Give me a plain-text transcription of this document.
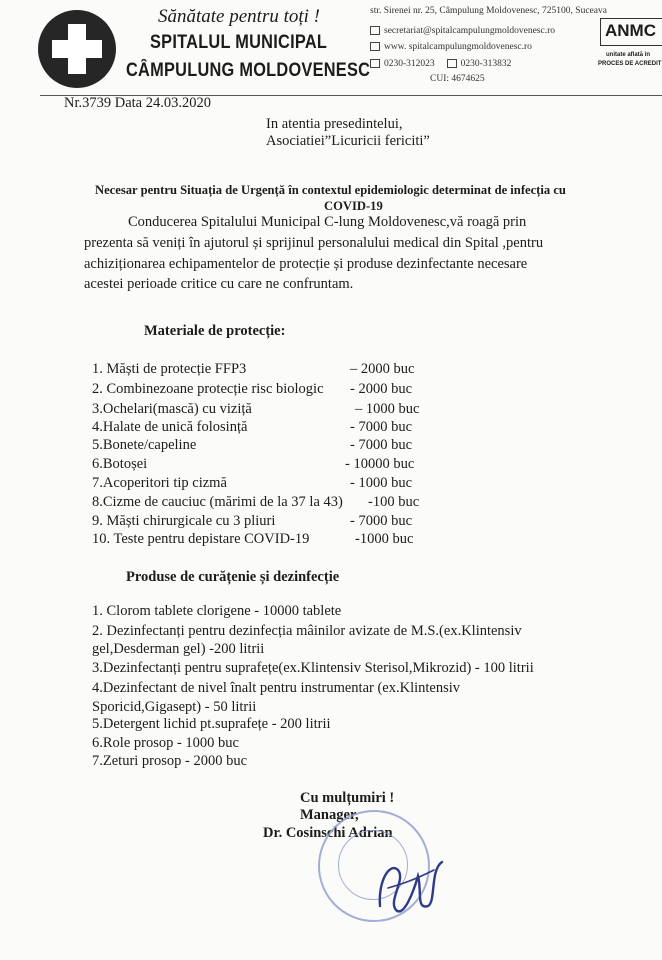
Sănătate pentru toți !
SPITALUL MUNICIPAL
CÂMPULUNG MOLDOVENESC
str. Sirenei nr. 25, Câmpulung Moldovenesc, 725100, Suceava
secretariat@spitalcampulungmoldovenesc.ro
www. spitalcampulungmoldovenesc.ro
0230-312023	0230-313832
CUI: 4674625
ANMC
unitate aflată în
PROCES DE ACREDIT
Nr.3739 Data 24.03.2020
In atentia presedintelui,
Asociatiei”Licuricii fericiti”
Necesar pentru Situația de Urgență în contextul epidemiologic determinat de infecția cu
COVID-19
Conducerea Spitalului Municipal C-lung Moldovenesc,vă roagă prin
prezenta să veniți în ajutorul și sprijinul personalului medical din Spital ,pentru
achiziționarea echipamentelor de protecție și produse dezinfectante necesare
acestei perioade critice cu care ne confruntam.
Materiale de protecție:
1. Măști de protecție FFP3	– 2000 buc
2. Combinezoane protecție risc biologic - 2000 buc
3.Ochelari(mască) cu viziță	– 1000 buc
4.Halate de unică folosință	- 7000 buc
5.Bonete/capeline	- 7000 buc
6.Botoșei	- 10000 buc
7.Acoperitori tip cizmă	- 1000 buc
8.Cizme de cauciuc (mărimi de la 37 la 43) -100 buc
9. Măști chirurgicale cu 3 pliuri	- 7000 buc
10. Teste pentru depistare COVID-19	-1000 buc
Produse de curățenie și dezinfecție
1. Clorom tablete clorigene - 10000 tablete
2. Dezinfectanți pentru dezinfecția mâinilor avizate de M.S.(ex.Klintensiv
gel,Desderman gel) -200 litrii
3.Dezinfectanți pentru suprafețe(ex.Klintensiv Sterisol,Mikrozid) - 100 litrii
4.Dezinfectant de nivel înalt pentru instrumentar (ex.Klintensiv
Sporicid,Gigasept) - 50 litrii
5.Detergent lichid pt.suprafețe - 200 litrii
6.Role prosop - 1000 buc
7.Zeturi prosop - 2000 buc
Cu mulțumiri !
Manager,
Dr. Cosinschi Adrian
